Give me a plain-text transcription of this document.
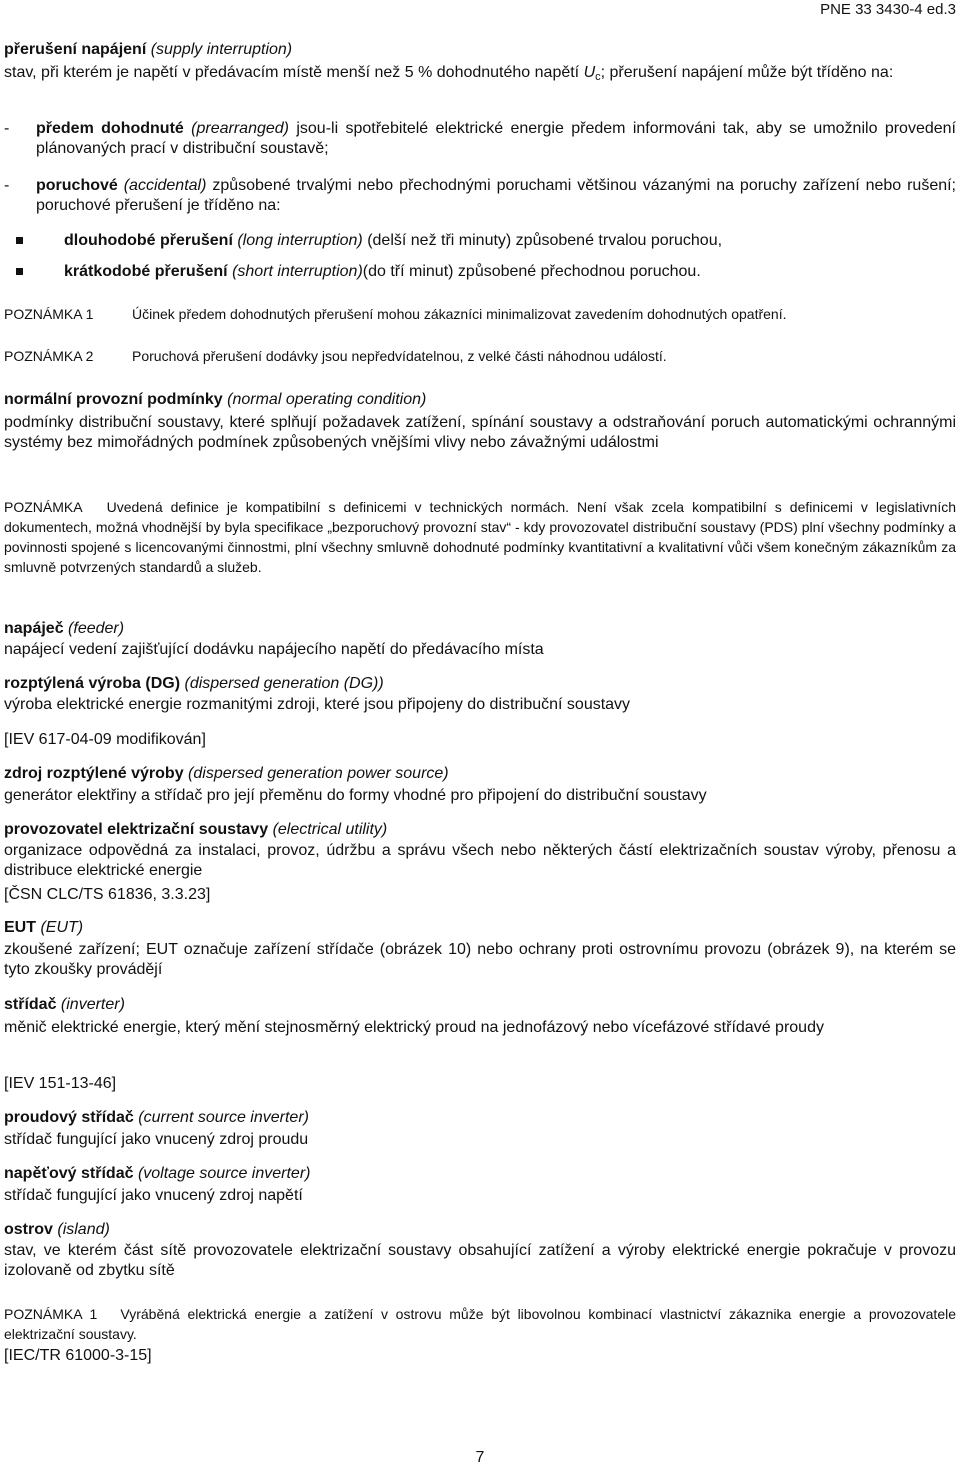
PNE 33 3430-4 ed.3
přerušení napájení (supply interruption)
stav, při kterém je napětí v předávacím místě menší než 5 % dohodnutého napětí $U_c$; přerušení napájení může být tříděno na:
- předem dohodnuté (prearranged) jsou-li spotřebitelé elektrické energie předem informováni tak, aby se umožnilo provedení plánovaných prací v distribuční soustavě;
- poruchové (accidental) způsobené trvalými nebo přechodnými poruchami většinou vázanými na poruchy zařízení nebo rušení; poruchové přerušení je tříděno na:
dlouhodobé přerušení (long interruption) (delší než tři minuty) způsobené trvalou poruchou,
krátkodobé přerušení (short interruption)(do tří minut) způsobené přechodnou poruchou.
POZNÁMKA 1	Účinek předem dohodnutých přerušení mohou zákazníci minimalizovat zavedením dohodnutých opatření.
POZNÁMKA 2	Poruchová přerušení dodávky jsou nepředvídatelnou, z velké části náhodnou událostí.
normální provozní podmínky (normal operating condition)
podmínky distribuční soustavy, které splňují požadavek zatížení, spínání soustavy a odstraňování poruch automatickými ochrannými systémy bez mimořádných podmínek způsobených vnějšími vlivy nebo závažnými událostmi
POZNÁMKA Uvedená definice je kompatibilní s definicemi v technických normách. Není však zcela kompatibilní s definicemi v legislativních dokumentech, možná vhodnější by byla specifikace „bezporuchový provozní stav“ - kdy provozovatel distribuční soustavy (PDS) plní všechny podmínky a povinnosti spojené s licencovanými činnostmi, plní všechny smluvně dohodnuté podmínky kvantitativní a kvalitativní vůči všem konečným zákazníkům za smluvně potvrzených standardů a služeb.
napáječ (feeder)
napájecí vedení zajišťující dodávku napájecího napětí do předávacího místa
rozptýlená výroba (DG) (dispersed generation (DG))
výroba elektrické energie rozmanitými zdroji, které jsou připojeny do distribuční soustavy
[IEV 617-04-09 modifikován]
zdroj rozptýlené výroby (dispersed generation power source)
generátor elektřiny a střídač pro její přeměnu do formy vhodné pro připojení do distribuční soustavy
provozovatel elektrizační soustavy (electrical utility)
organizace odpovědná za instalaci, provoz, údržbu a správu všech nebo některých částí elektrizačních soustav výroby, přenosu a distribuce elektrické energie
[ČSN CLC/TS 61836, 3.3.23]
EUT (EUT)
zkoušené zařízení; EUT označuje zařízení střídače (obrázek 10) nebo ochrany proti ostrovnímu provozu (obrázek 9), na kterém se tyto zkoušky provádějí
střídač (inverter)
měnič elektrické energie, který mění stejnosměrný elektrický proud na jednofázový nebo vícefázové střídavé proudy
[IEV 151-13-46]
proudový střídač (current source inverter)
střídač fungující jako vnucený zdroj proudu
napěťový střídač (voltage source inverter)
střídač fungující jako vnucený zdroj napětí
ostrov (island)
stav, ve kterém část sítě provozovatele elektrizační soustavy obsahující zatížení a výroby elektrické energie pokračuje v provozu izolovaně od zbytku sítě
POZNÁMKA 1 Vyráběná elektrická energie a zatížení v ostrovu může být libovolnou kombinací vlastnictví zákaznika energie a provozovatele elektrizační soustavy.
[IEC/TR 61000-3-15]
7
